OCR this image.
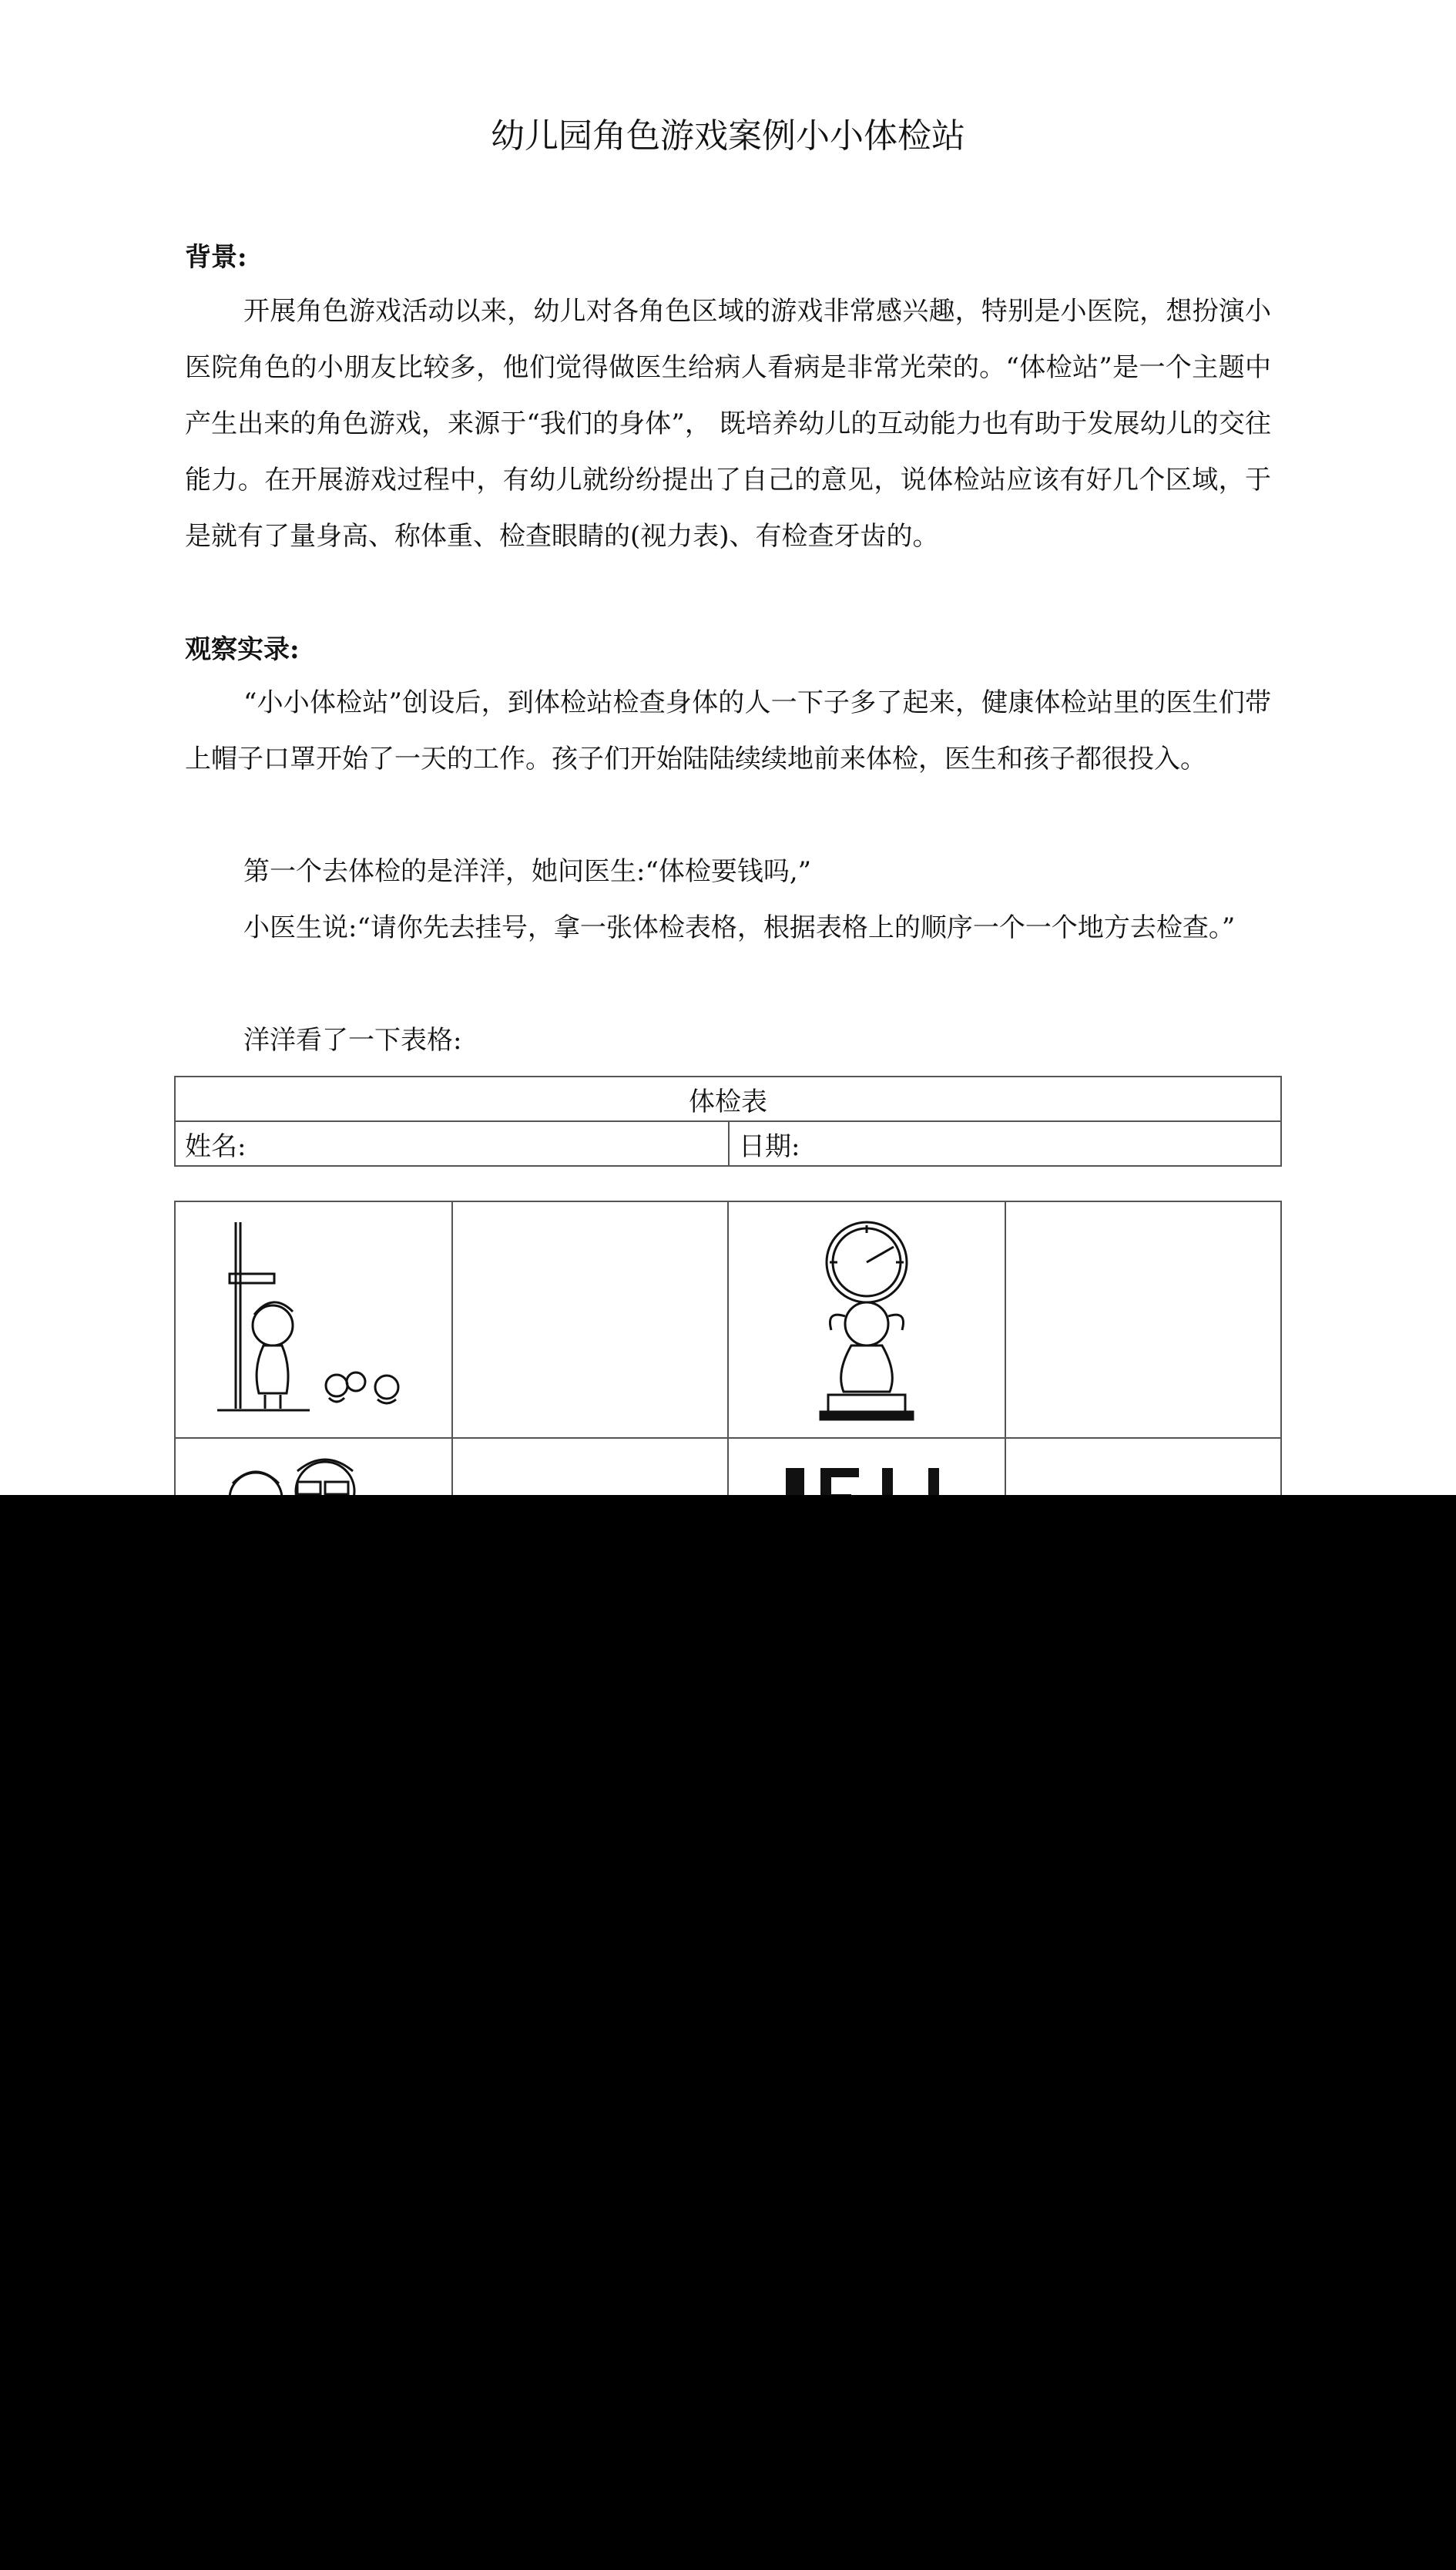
幼儿园角色游戏案例小小体检站
背景:

开展角色游戏活动以来，幼儿对各角色区域的游戏非常感兴趣，特别是小医院，想扮演小医院角色的小朋友比较多，他们觉得做医生给病人看病是非常光荣的。“体检站”是一个主题中产生出来的角色游戏，来源于“我们的身体”， 既培养幼儿的互动能力也有助于发展幼儿的交往能力。在开展游戏过程中，有幼儿就纷纷提出了自己的意见，说体检站应该有好几个区域，于是就有了量身高、称体重、检查眼睛的(视力表)、有检查牙齿的。

观察实录:

“小小体检站”创设后，到体检站检查身体的人一下子多了起来，健康体检站里的医生们带上帽子口罩开始了一天的工作。孩子们开始陆陆续续地前来体检，医生和孩子都很投入。

第一个去体检的是洋洋，她问医生:“体检要钱吗,”

小医生说:“请你先去挂号，拿一张体检表格，根据表格上的顺序一个一个地方去检查。”

洋洋看了一下表格:

体检表
姓名:	日期:
